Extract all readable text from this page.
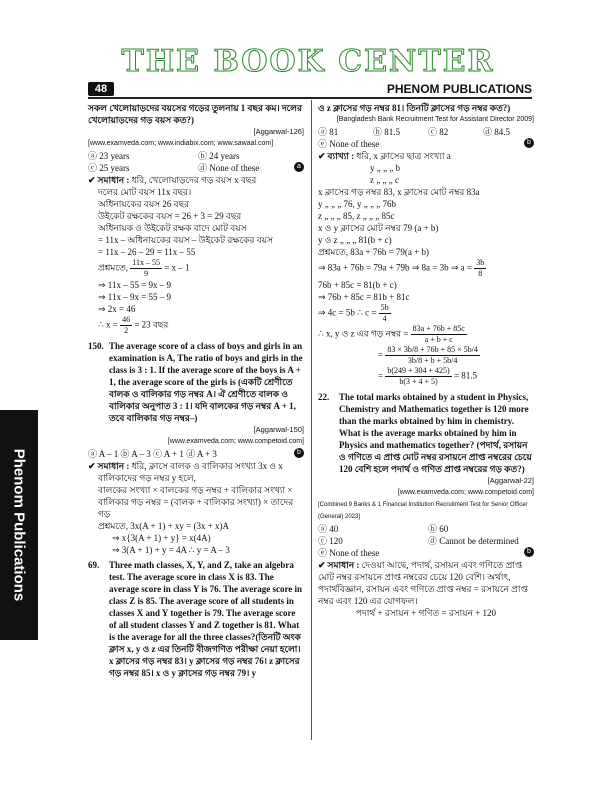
THE BOOK CENTER
48	PHENOM PUBLICATIONS
Phenom Publications
সকল খেলোয়াড়দের বয়সের গড়ের তুলনায় 1 বছর কম। দলের খেলোয়াড়দের গড় বয়স কত?)
[Aggarwal-126]
[www.examveda.com; www.indiabix.com; www.sawaal.com]
ⓐ 23 years	ⓑ 24 years
ⓒ 25 years	ⓓ None of these	a
✔ সমাধান : ধরি, খেলোয়াড়দের গড় বয়স x বছর
দলের মোট বয়স 11x বছর।
অধিনায়কের বয়স 26 বছর
উইকেট রক্ষকের বয়স = 26 + 3 = 29 বছর
অধিনায়ক ও উইকেট রক্ষক বাদে মোট বয়স
= 11x – অধিনায়কের বয়স – উইকেট রক্ষকের বয়স
= 11x – 26 – 29 = 11x – 55
প্রশ্নমতে, $\frac{11x - 55}{9} = x - 1$
⇒ 11x – 55 = 9x – 9
⇒ 11x – 9x = 55 – 9
⇒ 2x = 46
∴ $x = \frac{46}{2} = 23$ বছর
150. The average score of a class of boys and girls in an examination is A, The ratio of boys and girls in the class is 3 : 1. If the average score of the boys is A + 1, the average score of the girls is (একটি শ্রেণীতে বালক ও বালিকার গড় নম্বর A। ঐ শ্রেণীতে বালক ও বালিকার অনুপাত 3 : 1। যদি বালকের গড় নম্বর A + 1, তবে বালিকার গড় নম্বর–)
[Aggarwal-150]
[www.examveda.com; www.competoid.com]
ⓐ A – 1 ⓑ A – 3 ⓒ A + 1 ⓓ A + 3	b
✔ সমাধান : ধরি, ক্লাসে বালক ও বালিকার সংখ্যা 3x ও x
বালিকাদের গড় নম্বর y হলে,
বালকের সংখ্যা × বালকের গড় নম্বর + বালিকার সংখ্যা × বালিকার গড় নম্বর = (বালক + বালিকার সংখ্যা) × তাদের গড়
প্রশ্নমতে, 3x(A + 1) + xy = (3x + x)A
⇒ x{3(A + 1) + y} = x(4A)
⇒ 3(A + 1) + y = 4A ∴ y = A – 3
69.	Three math classes, X, Y, and Z, take an algebra test. The average score in class X is 83. The average score in class Y is 76. The average score in class Z is 85. The average score of all students in classes X and Y together is 79. The average score of all student classes Y and Z together is 81. What is the average for all the three classes?(তিনটি অংক ক্লাস x, y ও z এর তিনটি বীজগণিত পরীক্ষা নেয়া হলো। x ক্লাসের গড় নম্বর 83। y ক্লাসের গড় নম্বর 76। z ক্লাসের গড় নম্বর 85। x ও y ক্লাসের গড় নম্বর 79। y
ও z ক্লাসের গড় নম্বর 81। তিনটি ক্লাসের গড় নম্বর কত?)
[Bangladesh Bank Recruitment Test for Assistant Director 2009]
ⓐ 81	ⓑ 81.5	ⓒ 82	ⓓ 84.5
ⓔ None of these	b
✔ ব্যাখ্যা : ধরি, x ক্লাসের ছাত্র সংখ্যা a
y „ „ „ b
z „ „ „ c
x ক্লাসের গড় নম্বর 83, x ক্লাসের মোট নম্বর 83a
y „ „ „ 76, y „ „ „ 76b
z „ „ „ 85, z „ „ „ 85c
x ও y ক্লাসের মোট নম্বর 79 (a + b)
y ও z „ „ „ 81(b + c)
প্রশ্নমতে, 83a + 76b = 79(a + b)
⇒ 83a + 76b = 79a + 79b ⇒ 8a = 3b ⇒ $a = \frac{3b}{8}$
76b + 85c = 81(b + c)
⇒ 76b + 85c = 81b + 81c
⇒ 4c = 5b ∴ $c = \frac{5b}{4}$
∴ x, y ও z এর গড় নম্বর = $\frac{83a + 76b + 85c}{a + b + c}$
= $\frac{83 \times 3b/8 + 76b + 85 \times 5b/4}{3b/8 + b + 5b/4}$
= $\frac{b(249 + 304 + 425)}{b(3 + 4 + 5)} = 81.5$
22.	The total marks obtained by a student in Physics, Chemistry and Mathematics together is 120 more than the marks obtained by him in chemistry. What is the average marks obtained by him in Physics and mathematics together? (পদার্থ, রসায়ন ও গণিতে এ প্রাপ্ত মোট নম্বর রসায়নে প্রাপ্ত নম্বরের চেয়ে 120 বেশি হলে পদার্থ ও গণিত প্রাপ্ত নম্বরের গড় কত?)
[Aggarwal-22]
[www.examveda.com; www.competoid.com]
[Combined 9 Banks & 1 Financial Institution Recruitment Test for Senior Officer (General) 2023]
ⓐ 40	ⓑ 60
ⓒ 120	ⓓ Cannot be determined
ⓔ None of these	b
✔ সমাধান : দেওয়া আছে, পদার্থ, রসায়ন এবং গণিতে প্রাপ্ত মোট নম্বর রসায়নে প্রাপ্ত নম্বরের চেয়ে 120 বেশি। অর্থাৎ, পদার্থবিজ্ঞান, রসায়ন এবং গণিতে প্রাপ্ত নম্বর = রসায়নে প্রাপ্ত নম্বর এবং 120 এর যোগফল।
পদার্থ + রসায়ন + গণিত = রসায়ন + 120
